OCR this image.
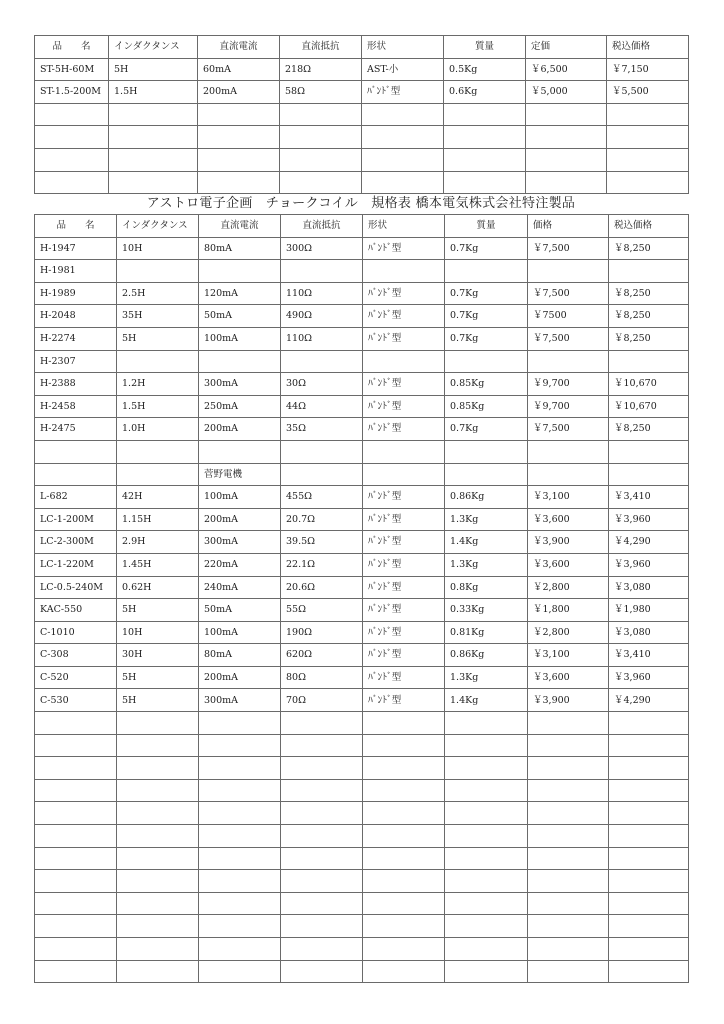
品　　名	インダクタンス	直流電流	直流抵抗	形状	質量	定価	税込価格
ST-5H-60M	5H	60mA	218Ω	AST-小	0.5Kg	￥6,500	￥7,150
ST-1.5-200M	1.5H	200mA	58Ω	ﾊﾞﾝﾄﾞ型	0.6Kg	￥5,000	￥5,500

アストロ電子企画　チョークコイル　規格表 橋本電気株式会社特注製品
品　　名	インダクタンス	直流電流	直流抵抗	形状	質量	価格	税込価格
H-1947	10H	80mA	300Ω	ﾊﾞﾝﾄﾞ型	0.7Kg	￥7,500	￥8,250
H-1981							
H-1989	2.5H	120mA	110Ω	ﾊﾞﾝﾄﾞ型	0.7Kg	￥7,500	￥8,250
H-2048	35H	50mA	490Ω	ﾊﾞﾝﾄﾞ型	0.7Kg	￥7500	￥8,250
H-2274	5H	100mA	110Ω	ﾊﾞﾝﾄﾞ型	0.7Kg	￥7,500	￥8,250
H-2307							
H-2388	1.2H	300mA	30Ω	ﾊﾞﾝﾄﾞ型	0.85Kg	￥9,700	￥10,670
H-2458	1.5H	250mA	44Ω	ﾊﾞﾝﾄﾞ型	0.85Kg	￥9,700	￥10,670
H-2475	1.0H	200mA	35Ω	ﾊﾞﾝﾄﾞ型	0.7Kg	￥7,500	￥8,250

		菅野電機					
L-682	42H	100mA	455Ω	ﾊﾞﾝﾄﾞ型	0.86Kg	￥3,100	￥3,410
LC-1-200M	1.15H	200mA	20.7Ω	ﾊﾞﾝﾄﾞ型	1.3Kg	￥3,600	￥3,960
LC-2-300M	2.9H	300mA	39.5Ω	ﾊﾞﾝﾄﾞ型	1.4Kg	￥3,900	￥4,290
LC-1-220M	1.45H	220mA	22.1Ω	ﾊﾞﾝﾄﾞ型	1.3Kg	￥3,600	￥3,960
LC-0.5-240M	0.62H	240mA	20.6Ω	ﾊﾞﾝﾄﾞ型	0.8Kg	￥2,800	￥3,080
KAC-550	5H	50mA	55Ω	ﾊﾞﾝﾄﾞ型	0.33Kg	￥1,800	￥1,980
C-1010	10H	100mA	190Ω	ﾊﾞﾝﾄﾞ型	0.81Kg	￥2,800	￥3,080
C-308	30H	80mA	620Ω	ﾊﾞﾝﾄﾞ型	0.86Kg	￥3,100	￥3,410
C-520	5H	200mA	80Ω	ﾊﾞﾝﾄﾞ型	1.3Kg	￥3,600	￥3,960
C-530	5H	300mA	70Ω	ﾊﾞﾝﾄﾞ型	1.4Kg	￥3,900	￥4,290
